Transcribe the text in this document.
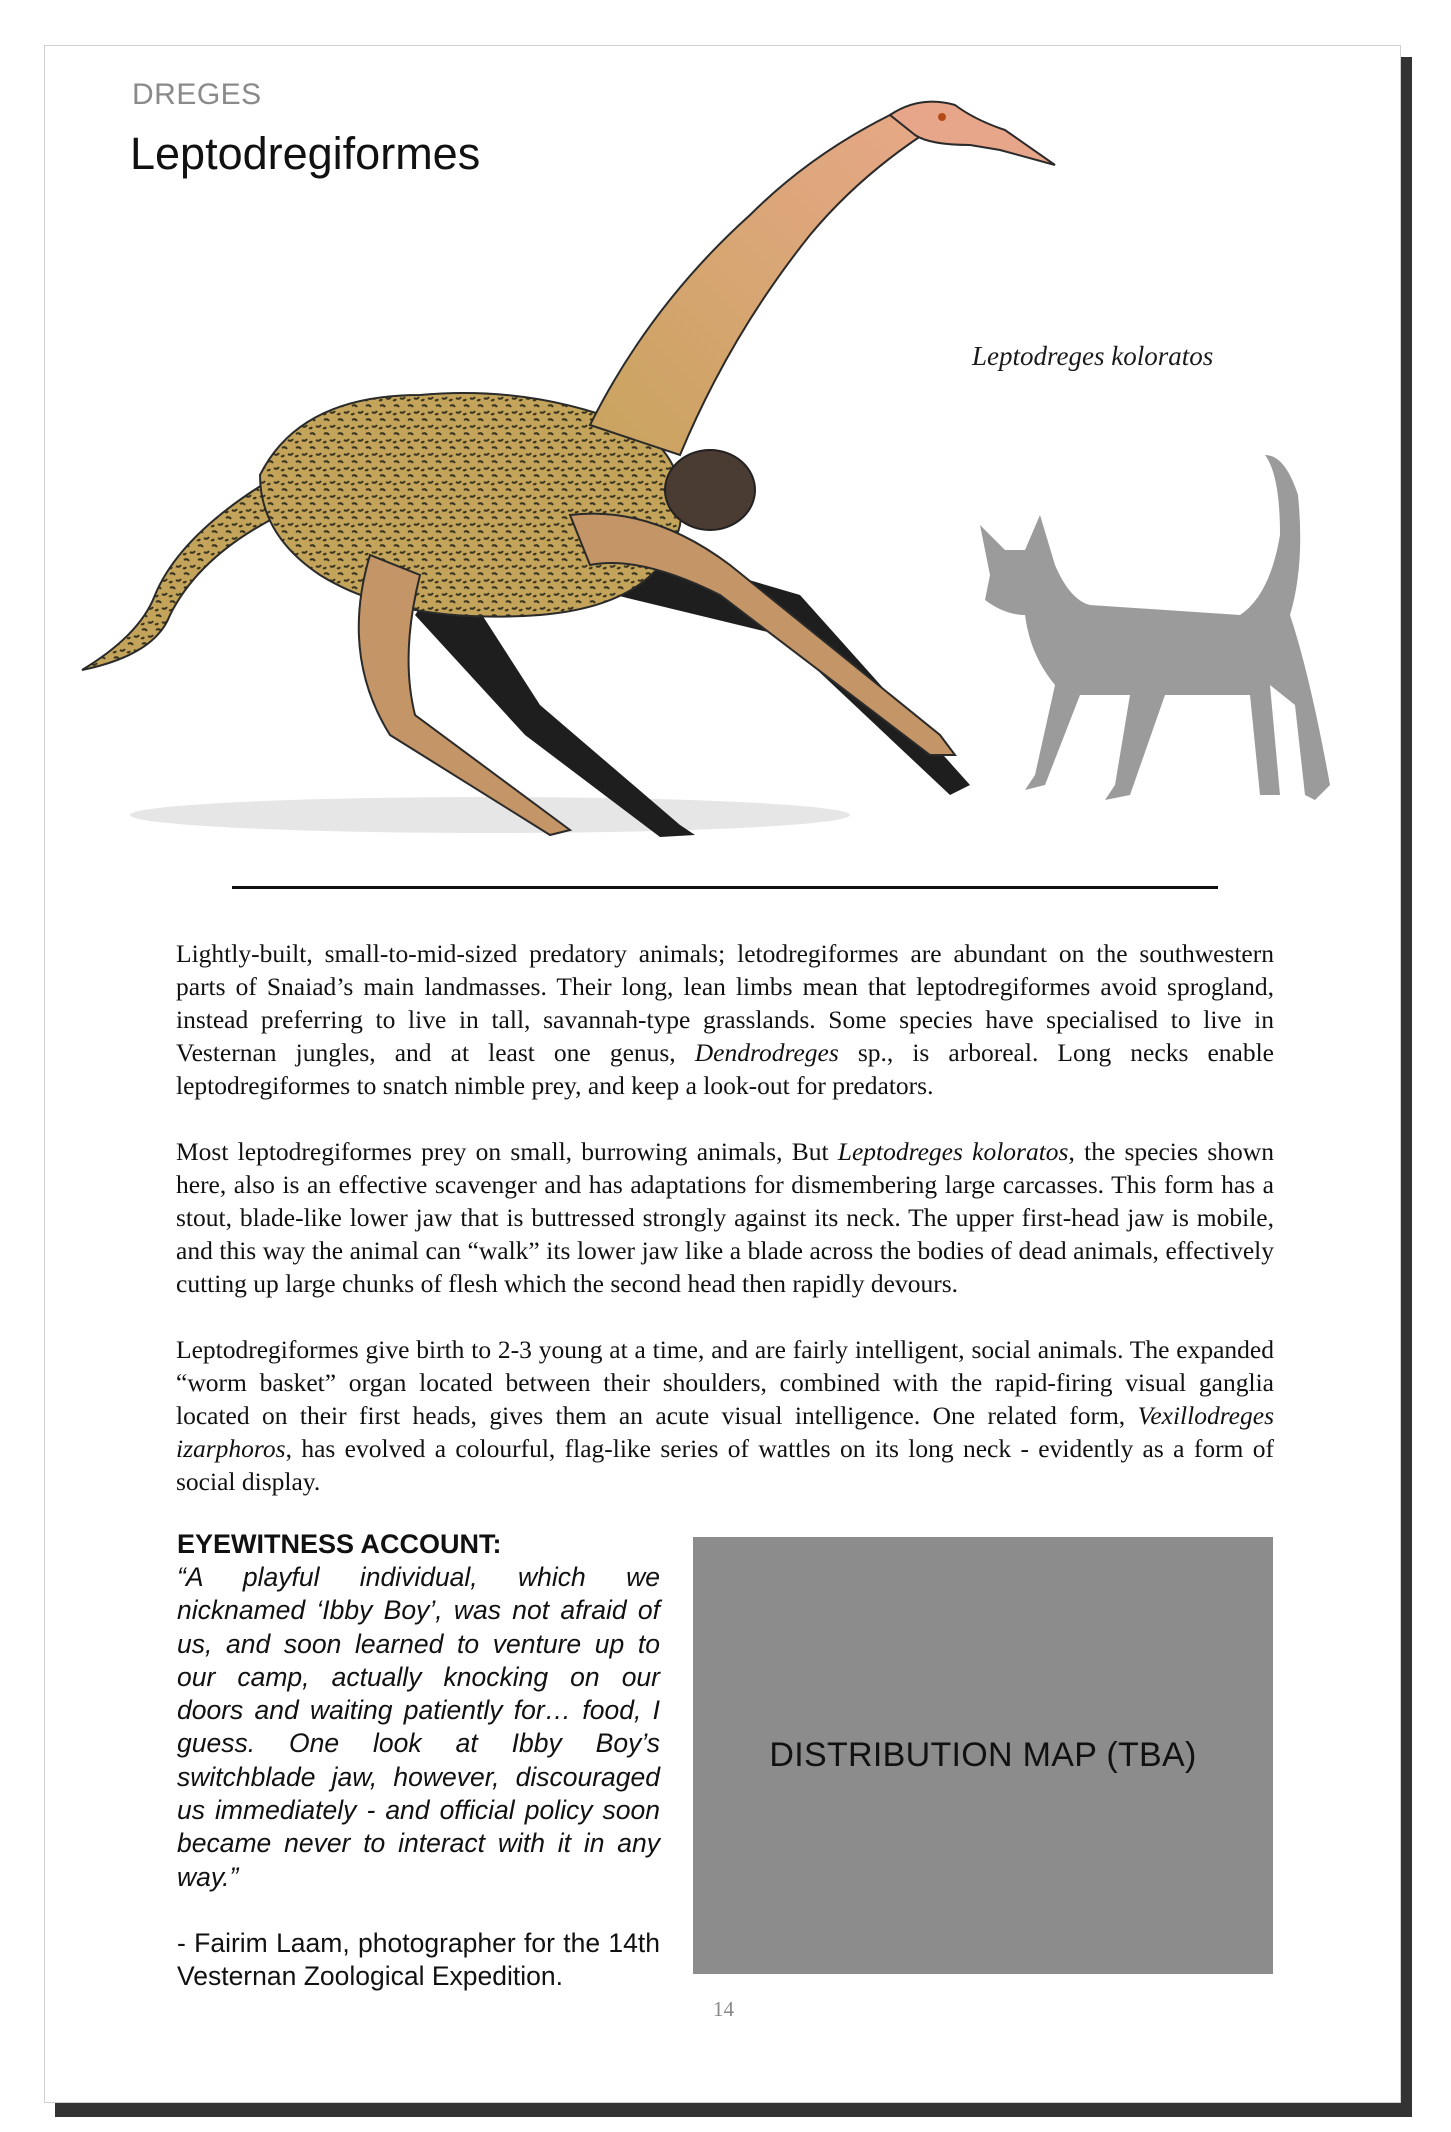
DREGES
Leptodregiformes
Leptodreges koloratos

Lightly-built, small-to-mid-sized predatory animals; letodregiformes are abundant on the southwestern parts of Snaiad’s main landmasses. Their long, lean limbs mean that leptodregiformes avoid sprogland, instead preferring to live in tall, savannah-type grasslands. Some species have specialised to live in Vesternan jungles, and at least one genus, Dendrodreges sp., is arboreal. Long necks enable leptodregiformes to snatch nimble prey, and keep a look-out for predators.

Most leptodregiformes prey on small, burrowing animals, But Leptodreges koloratos, the species shown here, also is an effective scavenger and has adaptations for dismembering large carcasses. This form has a stout, blade-like lower jaw that is buttressed strongly against its neck. The upper first-head jaw is mobile, and this way the animal can “walk” its lower jaw like a blade across the bodies of dead animals, effectively cutting up large chunks of flesh which the second head then rapidly devours.

Leptodregiformes give birth to 2-3 young at a time, and are fairly intelligent, social animals. The expanded “worm basket” organ located between their shoulders, combined with the rapid-firing visual ganglia located on their first heads, gives them an acute visual intelligence. One related form, Vexillodreges izarphoros, has evolved a colourful, flag-like series of wattles on its long neck - evidently as a form of social display.

EYEWITNESS ACCOUNT:

“A playful individual, which we nicknamed ‘Ibby Boy’, was not afraid of us, and soon learned to venture up to our camp, actually knocking on our doors and waiting patiently for… food, I guess. One look at Ibby Boy’s switchblade jaw, however, discouraged us immediately - and official policy soon became never to interact with it in any way.”

- Fairim Laam, photographer for the 14th Vesternan Zoological Expedition.
DISTRIBUTION MAP (TBA)
14
